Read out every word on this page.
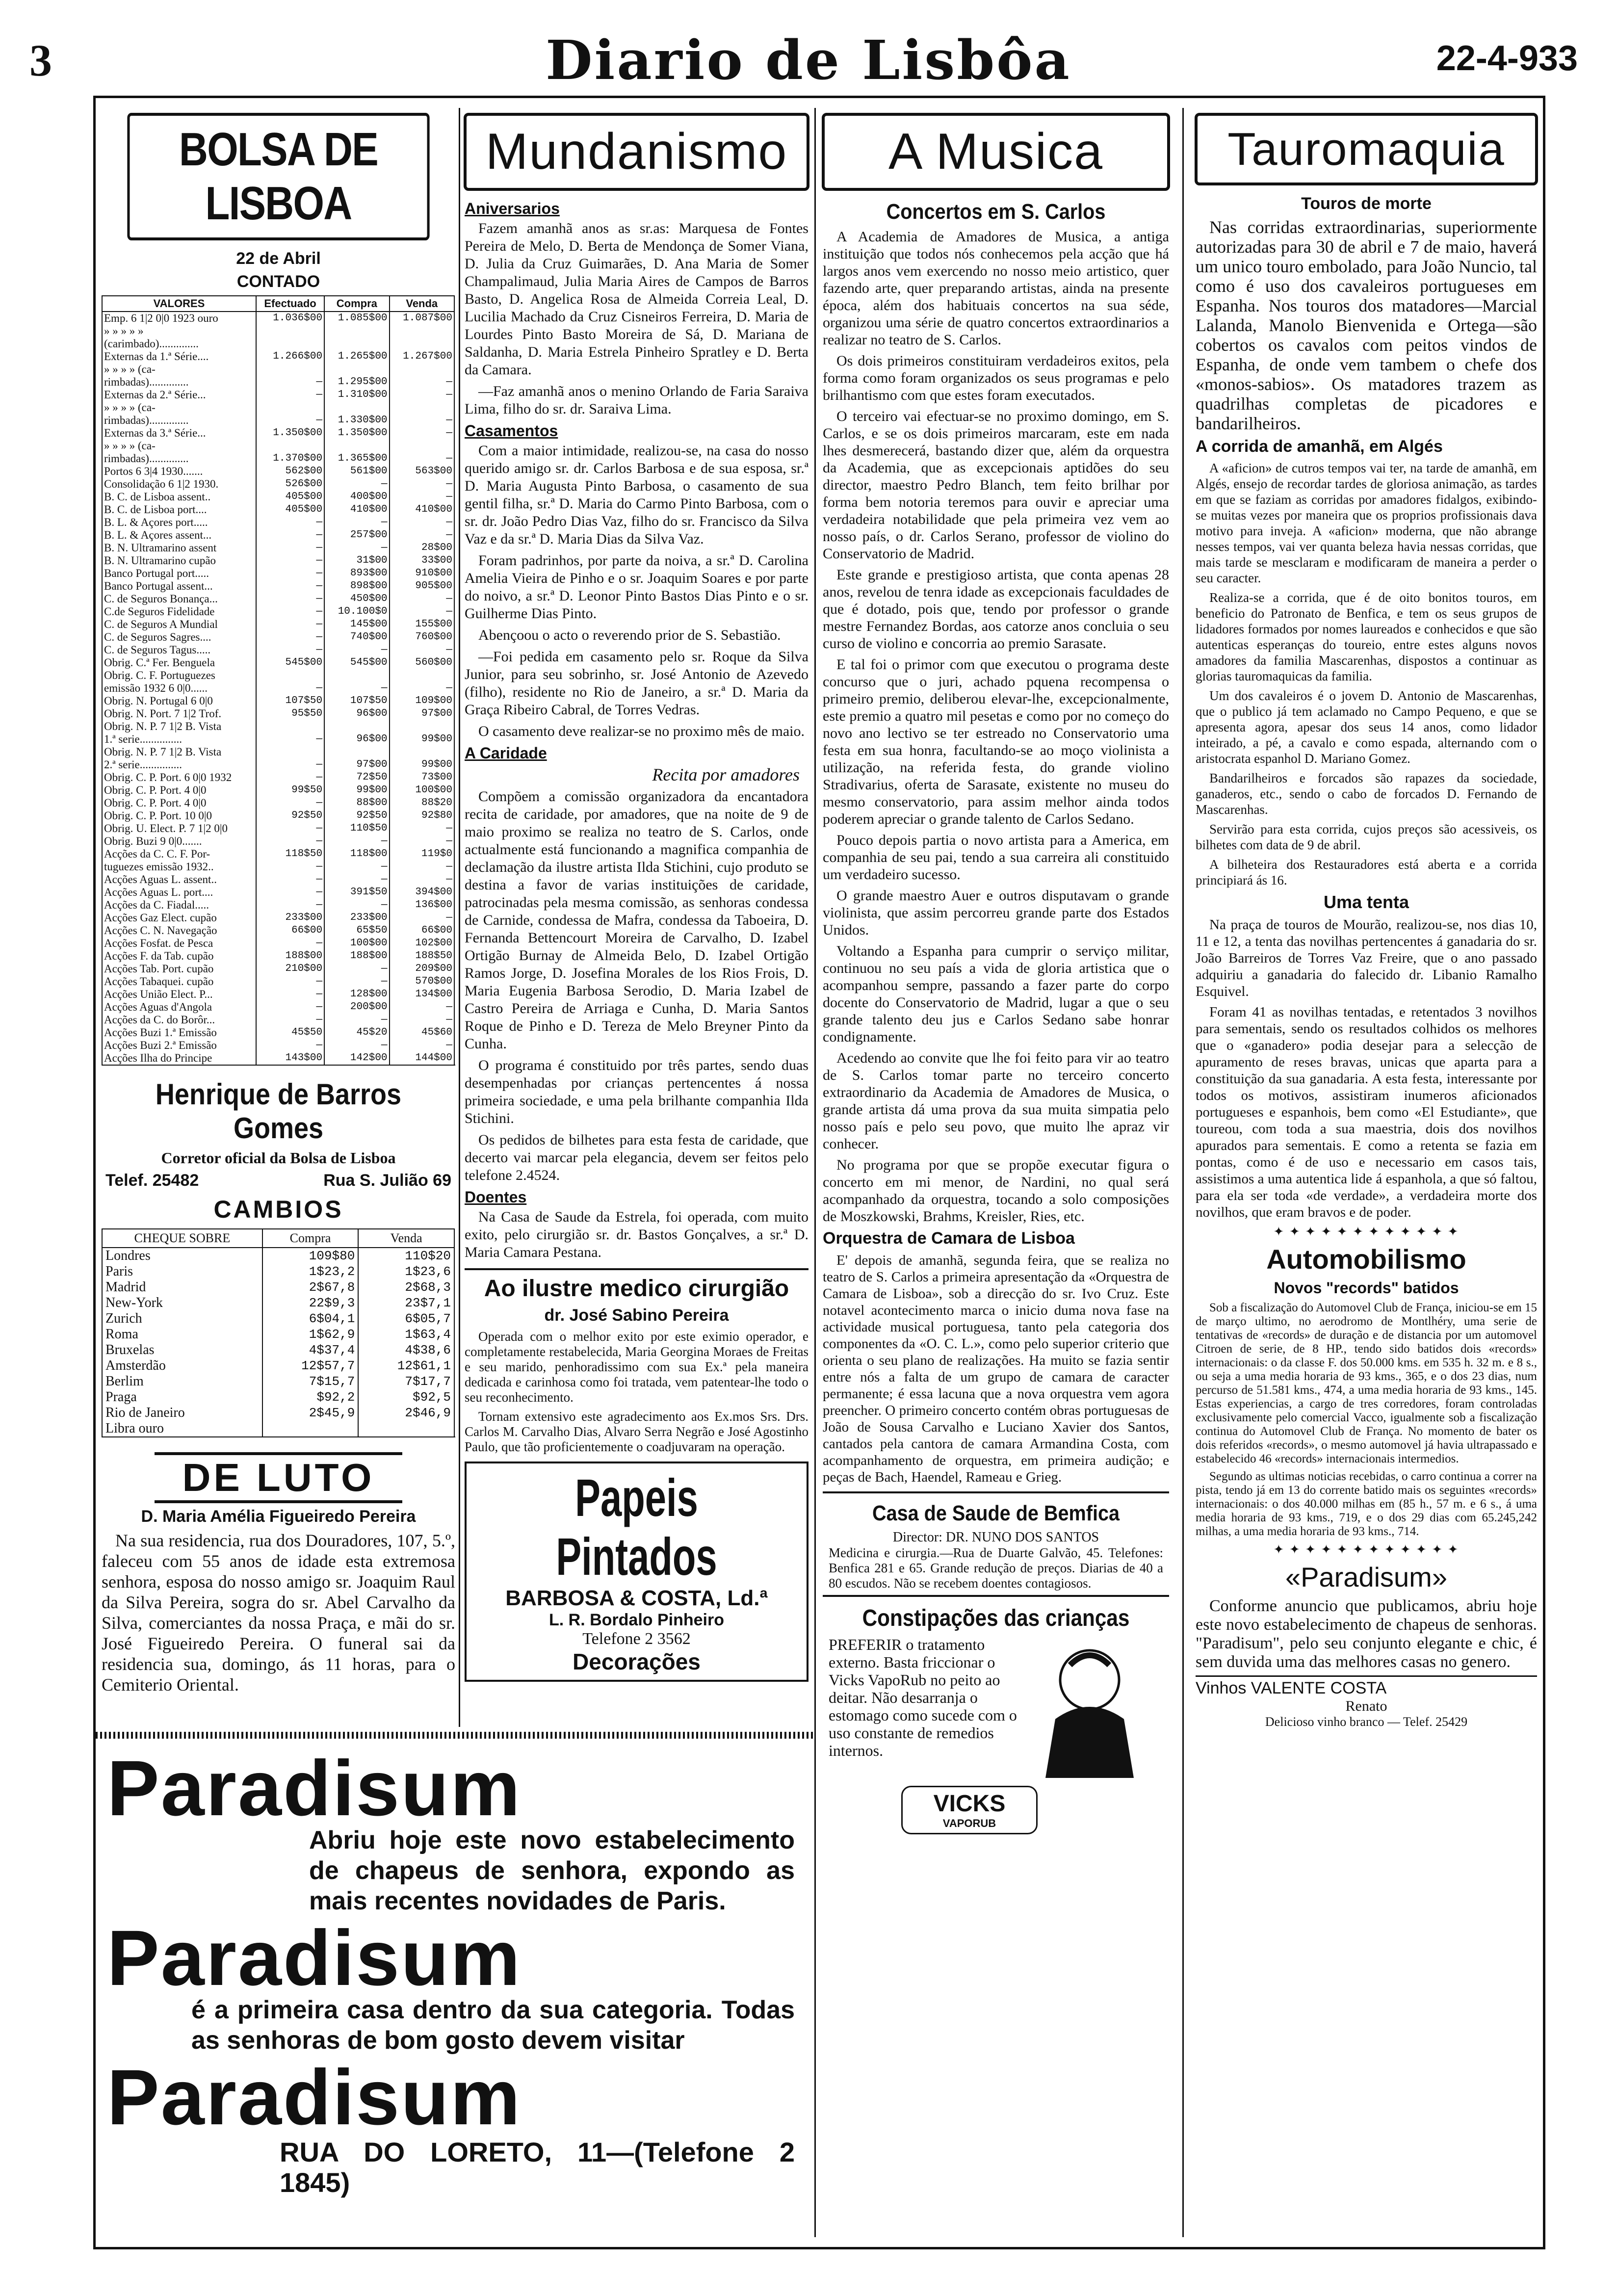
3	Diario de Lisbôa	22-4-933
BOLSA DE LISBOA
22 de Abril
CONTADO
VALORES	Efectuado	Compra	Venda
Emp. 6 1|2 0|0 1923 ouro	1.036$00	1.085$00	1.087$00
» » » » »			
(carimbado)..............			
Externas da 1.ª Série....	1.266$00	1.265$00	1.267$00
» » » » (ca-			
rimbadas)..............	—	1.295$00	—
Externas da 2.ª Série...	—	1.310$00	—
» » » » (ca-			
rimbadas)..............	—	1.330$00	—
Externas da 3.ª Série...	1.350$00	1.350$00	—
» » » » (ca-			
rimbadas)..............	1.370$00	1.365$00	—
Portos 6 3|4 1930.......	562$00	561$00	563$00
Consolidação 6 1|2 1930.	526$00	—	—
B. C. de Lisboa assent..	405$00	400$00	—
B. C. de Lisboa port....	405$00	410$00	410$00
B. L. & Açores port.....	—	—	—
B. L. & Açores assent...	—	257$00	—
B. N. Ultramarino assent	—	—	28$00
B. N. Ultramarino cupão	—	31$00	33$00
Banco Portugal port.....	—	893$00	910$00
Banco Portugal assent...	—	898$00	905$00
C. de Seguros Bonança...	—	450$00	—
C.de Seguros Fidelidade	—	10.100$0	—
C. de Seguros A Mundial	—	145$00	155$00
C. de Seguros Sagres....	—	740$00	760$00
C. de Seguros Tagus.....	—	—	—
Obrig. C.ª Fer. Benguela	545$00	545$00	560$00
Obrig. C. F. Portuguezes			
emissão 1932 6 0|0......	—	—	—
Obrig. N. Portugal 6 0|0	107$50	107$50	109$00
Obrig. N. Port. 7 1|2 Trof.	95$50	96$00	97$00
Obrig. N. P. 7 1|2 B. Vista			
1.ª serie...............	—	96$00	99$00
Obrig. N. P. 7 1|2 B. Vista			
2.ª serie...............	—	97$00	99$00
Obrig. C. P. Port. 6 0|0 1932	—	72$50	73$00
Obrig. C. P. Port. 4 0|0	99$50	99$00	100$00
Obrig. C. P. Port. 4 0|0	—	88$00	88$20
Obrig. C. P. Port. 10 0|0	92$50	92$50	92$80
Obrig. U. Elect. P. 7 1|2 0|0	—	110$50	—
Obrig. Buzi 9 0|0.......	—	—	—
Acções da C. C. F. Por-	118$50	118$00	119$0
tuguezes emissão 1932..	—	—	—
Acções Aguas L. assent..	—	—	—
Acções Aguas L. port....	—	391$50	394$00
Acções da C. Fiadal.....	—	—	136$00
Acções Gaz Elect. cupão	233$00	233$00	—
Acções C. N. Navegação	66$00	65$50	66$00
Acções Fosfat. de Pesca	—	100$00	102$00
Acções F. da Tab. cupão	188$00	188$00	188$50
Acções Tab. Port. cupão	210$00	—	209$00
Acções Tabaquei. cupão	—	—	570$00
Acções União Elect. P...	—	128$00	134$00
Acções Aguas d'Angola	—	200$00	—
Acções da C. do Borôr...	—	—	—
Acções Buzi 1.ª Emissão	45$50	45$20	45$60
Acções Buzi 2.ª Emissão	—	—	—
Acções Ilha do Principe	143$00	142$00	144$00
Henrique de Barros Gomes
Corretor oficial da Bolsa de Lisboa
Telef. 25482	Rua S. Julião 69
CAMBIOS
CHEQUE SOBRE	Compra	Venda
Londres	109$80	110$20
Paris	1$23,2	1$23,6
Madrid	2$67,8	2$68,3
New-York	22$9,3	23$7,1
Zurich	6$04,1	6$05,7
Roma	1$62,9	1$63,4
Bruxelas	4$37,4	4$38,6
Amsterdão	12$57,7	12$61,1
Berlim	7$15,7	7$17,7
Praga	$92,2	$92,5
Rio de Janeiro	2$45,9	2$46,9
Libra ouro		
DE LUTO
D. Maria Amélia Figueiredo Pereira

Na sua residencia, rua dos Douradores, 107, 5.º, faleceu com 55 anos de idade esta extremosa senhora, esposa do nosso amigo sr. Joaquim Raul da Silva Pereira, sogra do sr. Abel Carvalho da Silva, comerciantes da nossa Praça, e mãi do sr. José Figueiredo Pereira. O funeral sai da residencia sua, domingo, ás 11 horas, para o Cemiterio Oriental.

Mundanismo
Aniversarios

Fazem amanhã anos as sr.as: Marquesa de Fontes Pereira de Melo, D. Berta de Mendonça de Somer Viana, D. Julia da Cruz Guimarães, D. Ana Maria de Somer Champalimaud, Julia Maria Aires de Campos de Barros Basto, D. Angelica Rosa de Almeida Correia Leal, D. Lucilia Machado da Cruz Cisneiros Ferreira, D. Maria de Lourdes Pinto Basto Moreira de Sá, D. Mariana de Saldanha, D. Maria Estrela Pinheiro Spratley e D. Berta da Camara.

—Faz amanhã anos o menino Orlando de Faria Saraiva Lima, filho do sr. dr. Saraiva Lima.

Casamentos

Com a maior intimidade, realizou-se, na casa do nosso querido amigo sr. dr. Carlos Barbosa e de sua esposa, sr.ª D. Maria Augusta Pinto Barbosa, o casamento de sua gentil filha, sr.ª D. Maria do Carmo Pinto Barbosa, com o sr. dr. João Pedro Dias Vaz, filho do sr. Francisco da Silva Vaz e da sr.ª D. Maria Dias da Silva Vaz.

Foram padrinhos, por parte da noiva, a sr.ª D. Carolina Amelia Vieira de Pinho e o sr. Joaquim Soares e por parte do noivo, a sr.ª D. Leonor Pinto Bastos Dias Pinto e o sr. Guilherme Dias Pinto.

Abençoou o acto o reverendo prior de S. Sebastião.

—Foi pedida em casamento pelo sr. Roque da Silva Junior, para seu sobrinho, sr. José Antonio de Azevedo (filho), residente no Rio de Janeiro, a sr.ª D. Maria da Graça Ribeiro Cabral, de Torres Vedras.

O casamento deve realizar-se no proximo mês de maio.

A Caridade
Recita por amadores

Compõem a comissão organizadora da encantadora recita de caridade, por amadores, que na noite de 9 de maio proximo se realiza no teatro de S. Carlos, onde actualmente está funcionando a magnifica companhia de declamação da ilustre artista Ilda Stichini, cujo produto se destina a favor de varias instituições de caridade, patrocinadas pela mesma comissão, as senhoras condessa de Carnide, condessa de Mafra, condessa da Taboeira, D. Fernanda Bettencourt Moreira de Carvalho, D. Izabel Ortigão Burnay de Almeida Belo, D. Izabel Ortigão Ramos Jorge, D. Josefina Morales de los Rios Frois, D. Maria Eugenia Barbosa Serodio, D. Maria Izabel de Castro Pereira de Arriaga e Cunha, D. Maria Santos Roque de Pinho e D. Tereza de Melo Breyner Pinto da Cunha.

O programa é constituido por três partes, sendo duas desempenhadas por crianças pertencentes á nossa primeira sociedade, e uma pela brilhante companhia Ilda Stichini.

Os pedidos de bilhetes para esta festa de caridade, que decerto vai marcar pela elegancia, devem ser feitos pelo telefone 2.4524.

Doentes

Na Casa de Saude da Estrela, foi operada, com muito exito, pelo cirurgião sr. dr. Bastos Gonçalves, a sr.ª D. Maria Camara Pestana.

Ao ilustre medico cirurgião
dr. José Sabino Pereira

Operada com o melhor exito por este eximio operador, e completamente restabelecida, Maria Georgina Moraes de Freitas e seu marido, penhoradissimo com sua Ex.ª pela maneira dedicada e carinhosa como foi tratada, vem patentear-lhe todo o seu reconhecimento.

Tornam extensivo este agradecimento aos Ex.mos Srs. Drs. Carlos M. Carvalho Dias, Alvaro Serra Negrão e José Agostinho Paulo, que tão proficientemente o coadjuvaram na operação.

Papeis Pintados
BARBOSA & COSTA, Ld.ª
L. R. Bordalo Pinheiro
Telefone 2 3562
Decorações
A Musica
Concertos em S. Carlos

A Academia de Amadores de Musica, a antiga instituição que todos nós conhecemos pela acção que há largos anos vem exercendo no nosso meio artistico, quer fazendo arte, quer preparando artistas, ainda na presente época, além dos habituais concertos na sua séde, organizou uma série de quatro concertos extraordinarios a realizar no teatro de S. Carlos.

Os dois primeiros constituiram verdadeiros exitos, pela forma como foram organizados os seus programas e pelo brilhantismo com que estes foram executados.

O terceiro vai efectuar-se no proximo domingo, em S. Carlos, e se os dois primeiros marcaram, este em nada lhes desmerecerá, bastando dizer que, além da orquestra da Academia, que as excepcionais aptidões do seu director, maestro Pedro Blanch, tem feito brilhar por forma bem notoria teremos para ouvir e apreciar uma verdadeira notabilidade que pela primeira vez vem ao nosso país, o dr. Carlos Serano, professor de violino do Conservatorio de Madrid.

Este grande e prestigioso artista, que conta apenas 28 anos, revelou de tenra idade as excepcionais faculdades de que é dotado, pois que, tendo por professor o grande mestre Fernandez Bordas, aos catorze anos concluia o seu curso de violino e concorria ao premio Sarasate.

E tal foi o primor com que executou o programa deste concurso que o juri, achado pquena recompensa o primeiro premio, deliberou elevar-lhe, excepcionalmente, este premio a quatro mil pesetas e como por no começo do novo ano lectivo se ter estreado no Conservatorio uma festa em sua honra, facultando-se ao moço violinista a utilização, na referida festa, do grande violino Stradivarius, oferta de Sarasate, existente no museu do mesmo conservatorio, para assim melhor ainda todos poderem apreciar o grande talento de Carlos Sedano.

Pouco depois partia o novo artista para a America, em companhia de seu pai, tendo a sua carreira ali constituido um verdadeiro sucesso.

O grande maestro Auer e outros disputavam o grande violinista, que assim percorreu grande parte dos Estados Unidos.

Voltando a Espanha para cumprir o serviço militar, continuou no seu país a vida de gloria artistica que o acompanhou sempre, passando a fazer parte do corpo docente do Conservatorio de Madrid, lugar a que o seu grande talento deu jus e Carlos Sedano sabe honrar condignamente.

Acedendo ao convite que lhe foi feito para vir ao teatro de S. Carlos tomar parte no terceiro concerto extraordinario da Academia de Amadores de Musica, o grande artista dá uma prova da sua muita simpatia pelo nosso país e pelo seu povo, que muito lhe apraz vir conhecer.

No programa por que se propõe executar figura o concerto em mi menor, de Nardini, no qual será acompanhado da orquestra, tocando a solo composições de Moszkowski, Brahms, Kreisler, Ries, etc.

Orquestra de Camara de Lisboa

E' depois de amanhã, segunda feira, que se realiza no teatro de S. Carlos a primeira apresentação da «Orquestra de Camara de Lisboa», sob a direcção do sr. Ivo Cruz. Este notavel acontecimento marca o inicio duma nova fase na actividade musical portuguesa, tanto pela categoria dos componentes da «O. C. L.», como pelo superior criterio que orienta o seu plano de realizações. Ha muito se fazia sentir entre nós a falta de um grupo de camara de caracter permanente; é essa lacuna que a nova orquestra vem agora preencher. O primeiro concerto contém obras portuguesas de João de Sousa Carvalho e Luciano Xavier dos Santos, cantados pela cantora de camara Armandina Costa, com acompanhamento de orquestra, em primeira audição; e peças de Bach, Haendel, Rameau e Grieg.

Casa de Saude de Bemfica
Director: DR. NUNO DOS SANTOS

Medicina e cirurgia.—Rua de Duarte Galvão, 45. Telefones: Benfica 281 e 65. Grande redução de preços. Diarias de 40 a 80 escudos. Não se recebem doentes contagiosos.

Constipações das crianças

PREFERIR o tratamento externo. Basta friccionar o Vicks VapoRub no peito ao deitar. Não desarranja o estomago como sucede com o uso constante de remedios internos.

VICKS
VAPORUB
Tauromaquia
Touros de morte

Nas corridas extraordinarias, superiormente autorizadas para 30 de abril e 7 de maio, haverá um unico touro embolado, para João Nuncio, tal como é uso dos cavaleiros portugueses em Espanha. Nos touros dos matadores—Marcial Lalanda, Manolo Bienvenida e Ortega—são cobertos os cavalos com peitos vindos de Espanha, de onde vem tambem o chefe dos «monos-sabios». Os matadores trazem as quadrilhas completas de picadores e bandarilheiros.

A corrida de amanhã, em Algés

A «aficion» de cutros tempos vai ter, na tarde de amanhã, em Algés, ensejo de recordar tardes de gloriosa animação, as tardes em que se faziam as corridas por amadores fidalgos, exibindo-se muitas vezes por maneira que os proprios profissionais dava motivo para inveja. A «aficion» moderna, que não abrange nesses tempos, vai ver quanta beleza havia nessas corridas, que mais tarde se mesclaram e modificaram de maneira a perder o seu caracter.

Realiza-se a corrida, que é de oito bonitos touros, em beneficio do Patronato de Benfica, e tem os seus grupos de lidadores formados por nomes laureados e conhecidos e que são autenticas esperanças do toureio, entre estes alguns novos amadores da familia Mascarenhas, dispostos a continuar as glorias tauromaquicas da familia.

Um dos cavaleiros é o jovem D. Antonio de Mascarenhas, que o publico já tem aclamado no Campo Pequeno, e que se apresenta agora, apesar dos seus 14 anos, como lidador inteirado, a pé, a cavalo e como espada, alternando com o aristocrata espanhol D. Mariano Gomez.

Bandarilheiros e forcados são rapazes da sociedade, ganaderos, etc., sendo o cabo de forcados D. Fernando de Mascarenhas.

Servirão para esta corrida, cujos preços são acessiveis, os bilhetes com data de 9 de abril.

A bilheteira dos Restauradores está aberta e a corrida principiará ás 16.

Uma tenta

Na praça de touros de Mourão, realizou-se, nos dias 10, 11 e 12, a tenta das novilhas pertencentes á ganadaria do sr. João Barreiros de Torres Vaz Freire, que o ano passado adquiriu a ganadaria do falecido dr. Libanio Ramalho Esquivel.

Foram 41 as novilhas tentadas, e retentados 3 novilhos para sementais, sendo os resultados colhidos os melhores que o «ganadero» podia desejar para a selecção de apuramento de reses bravas, unicas que aparta para a constituição da sua ganadaria. A esta festa, interessante por todos os motivos, assistiram inumeros aficionados portugueses e espanhois, bem como «El Estudiante», que toureou, com toda a sua maestria, dois dos novilhos apurados para sementais. E como a retenta se fazia em pontas, como é de uso e necessario em casos tais, assistimos a uma autentica lide á espanhola, a que só faltou, para ela ser toda «de verdade», a verdadeira morte dos novilhos, que eram bravos e de poder.

✦ ✦ ✦ ✦ ✦ ✦ ✦ ✦ ✦ ✦ ✦ ✦
Automobilismo
Novos "records" batidos

Sob a fiscalização do Automovel Club de França, iniciou-se em 15 de março ultimo, no aerodromo de Montlhéry, uma serie de tentativas de «records» de duração e de distancia por um automovel Citroen de serie, de 8 HP., tendo sido batidos dois «records» internacionais: o da classe F. dos 50.000 kms. em 535 h. 32 m. e 8 s., ou seja a uma media horaria de 93 kms., 365, e o dos 23 dias, num percurso de 51.581 kms., 474, a uma media horaria de 93 kms., 145. Estas experiencias, a cargo de tres corredores, foram controladas exclusivamente pelo comercial Vacco, igualmente sob a fiscalização continua do Automovel Club de França. No momento de bater os dois referidos «records», o mesmo automovel já havia ultrapassado e estabelecido 46 «records» internacionais intermedios.

Segundo as ultimas noticias recebidas, o carro continua a correr na pista, tendo já em 13 do corrente batido mais os seguintes «records» internacionais: o dos 40.000 milhas em (85 h., 57 m. e 6 s., á uma media horaria de 93 kms., 719, e o dos 29 dias com 65.245,242 milhas, a uma media horaria de 93 kms., 714.

✦ ✦ ✦ ✦ ✦ ✦ ✦ ✦ ✦ ✦ ✦ ✦
«Paradisum»

Conforme anuncio que publicamos, abriu hoje este novo estabelecimento de chapeus de senhoras. "Paradisum", pelo seu conjunto elegante e chic, é sem duvida uma das melhores casas no genero.

Vinhos VALENTE COSTA
Renato
Delicioso vinho branco — Telef. 25429
Paradisum
Abriu hoje este novo estabelecimento de chapeus de senhora, expondo as mais recentes novidades de Paris.
Paradisum
é a primeira casa dentro da sua categoria. Todas as senhoras de bom gosto devem visitar
Paradisum
RUA DO LORETO, 11—(Telefone 2 1845)
